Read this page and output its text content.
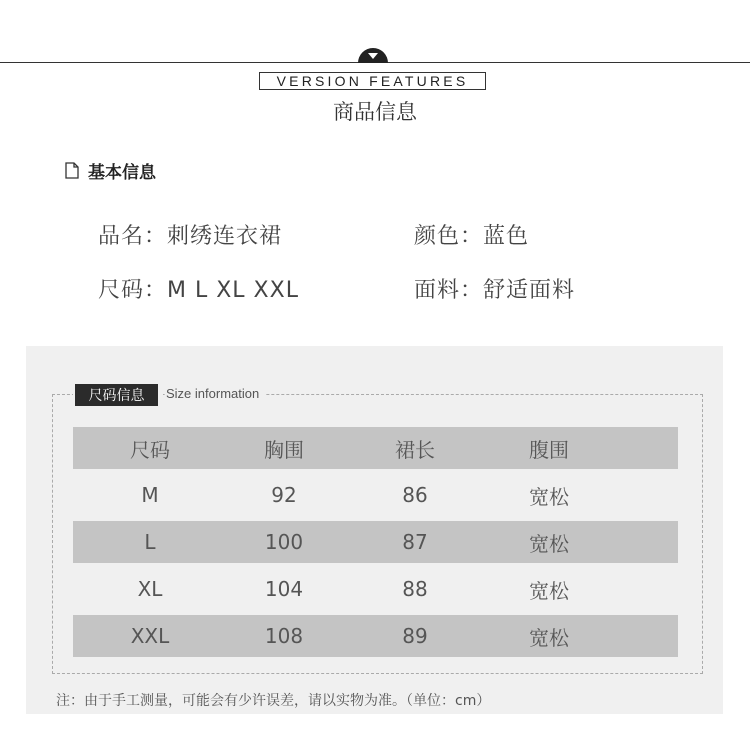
VERSION FEATURES
商品信息
基本信息
品名：刺绣连衣裙	颜色：蓝色
尺码：M L XL XXL	面料：舒适面料
尺码信息	Size information
尺码	胸围	裙长	腹围
M	92	86	宽松
L	100	87	宽松
XL	104	88	宽松
XXL	108	89	宽松
注：由于手工测量，可能会有少许误差，请以实物为准。（单位：cm）
